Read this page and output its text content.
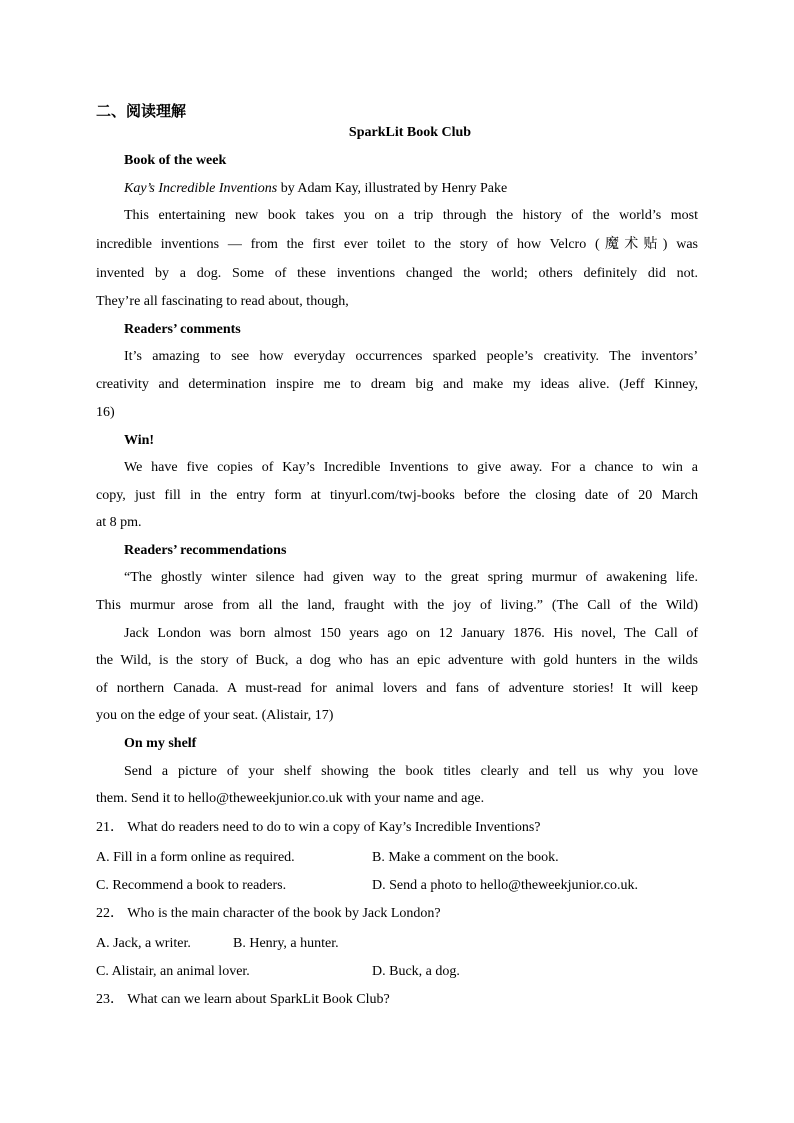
二、阅读理解
SparkLit Book Club
Book of the week
Kay’s Incredible Inventions by Adam Kay, illustrated by Henry Pake
This entertaining new book takes you on a trip through the history of the world’s most
incredible inventions — from the first ever toilet to the story of how Velcro (魔术贴) was
invented by a dog. Some of these inventions changed the world; others definitely did not.
They’re all fascinating to read about, though,
Readers’ comments
It’s amazing to see how everyday occurrences sparked people’s creativity. The inventors’
creativity and determination inspire me to dream big and make my ideas alive. (Jeff Kinney,
16)
Win!
We have five copies of Kay’s Incredible Inventions to give away. For a chance to win a
copy, just fill in the entry form at tinyurl.com/twj-books before the closing date of 20 March
at 8 pm.
Readers’ recommendations
“The ghostly winter silence had given way to the great spring murmur of awakening life.
This murmur arose from all the land, fraught with the joy of living.” (The Call of the Wild)
Jack London was born almost 150 years ago on 12 January 1876. His novel, The Call of
the Wild, is the story of Buck, a dog who has an epic adventure with gold hunters in the wilds
of northern Canada. A must-read for animal lovers and fans of adventure stories! It will keep
you on the edge of your seat. (Alistair, 17)
On my shelf
Send a picture of your shelf showing the book titles clearly and tell us why you love
them. Send it to hello@theweekjunior.co.uk with your name and age.
21． What do readers need to do to win a copy of Kay’s Incredible Inventions?
A. Fill in a form online as required.	B. Make a comment on the book.
C. Recommend a book to readers.	D. Send a photo to hello@theweekjunior.co.uk.
22． Who is the main character of the book by Jack London?
A. Jack, a writer.	B. Henry, a hunter.
C. Alistair, an animal lover.	D. Buck, a dog.
23． What can we learn about SparkLit Book Club?
